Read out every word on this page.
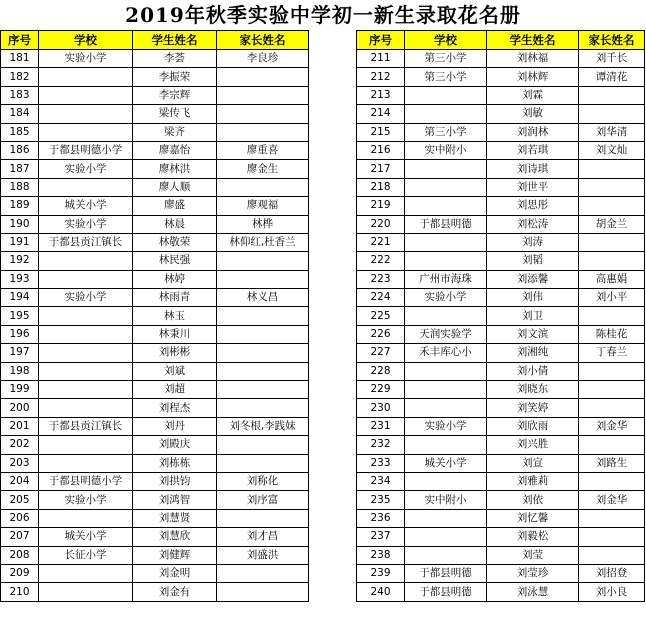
2019年秋季实验中学初一新生录取花名册
序号	学校	学生姓名	家长姓名
181	实验小学	李荟	李良珍
182		李振荣	
183		李宗辉	
184		梁传飞	
185		梁齐	
186	于都县明德小学	廖嘉怡	廖重喜
187	实验小学	廖林洪	廖金生
188		廖人顺	
189	城关小学	廖盛	廖观福
190	实验小学	林晨	林桦
191	于都县贡江镇长	林敬荣	林仰红,杜香兰
192		林民强	
193		林婷	
194	实验小学	林雨青	林义昌
195		林玉	
196		林秉川	
197		刘彬彬	
198		刘斌	
199		刘超	
200		刘程杰	
201	于都县贡江镇长	刘丹	刘冬根,李践妹
202		刘殿庆	
203		刘栋栋	
204	于都县明德小学	刘拱钧	刘称化
205	实验小学	刘鸿智	刘序富
206		刘慧贤	
207	城关小学	刘慧欣	刘才昌
208	长征小学	刘健辉	刘盛洪
209		刘金明	
210		刘金有	
序号	学校	学生姓名	家长姓名
211	第三小学	刘林福	刘千长
212	第三小学	刘林辉	谭清花
213		刘霖	
214		刘敏	
215	第三小学	刘润林	刘华清
216	实中附小	刘若琪	刘文灿
217		刘诗琪	
218		刘世平	
219		刘思彤	
220	于都县明德	刘松涛	胡金兰
221		刘涛	
222		刘韬	
223	广州市海珠	刘添馨	高惠娟
224	实验小学	刘伟	刘小平
225		刘卫	
226	天润实验学	刘文滨	陈桂花
227	禾丰库心小	刘湘纯	丁春兰
228		刘小倩	
229		刘晓东	
230		刘笑婷	
231	实验小学	刘欣雨	刘金华
232		刘兴胜	
233	城关小学	刘宣	刘路生
234		刘雅莉	
235	实中附小	刘依	刘金华
236		刘忆馨	
237		刘毅松	
238		刘莹	
239	于都县明德	刘莹珍	刘招登
240	于都县明德	刘泳慧	刘小良
